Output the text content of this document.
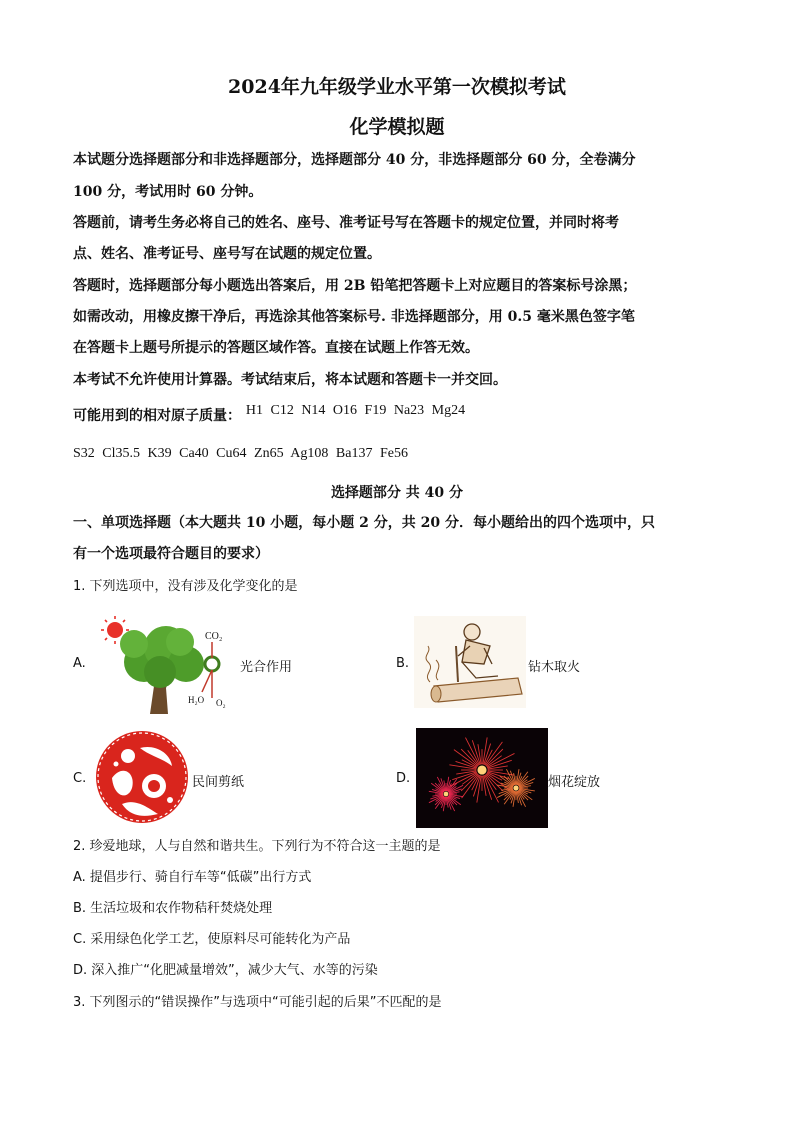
2024年九年级学业水平第一次模拟考试
化学模拟题
本试题分选择题部分和非选择题部分，选择题部分 40 分，非选择题部分 60 分，全卷满分
100 分，考试用时 60 分钟。
答题前，请考生务必将自己的姓名、座号、准考证号写在答题卡的规定位置，并同时将考
点、姓名、准考证号、座号写在试题的规定位置。
答题时，选择题部分每小题选出答案后，用 2B 铅笔把答题卡上对应题目的答案标号涂黑；
如需改动，用橡皮擦干净后，再选涂其他答案标号. 非选择题部分，用 0.5 毫米黑色签字笔
在答题卡上题号所提示的答题区域作答。直接在试题上作答无效。
本考试不允许使用计算器。考试结束后，将本试题和答题卡一并交回。
可能用到的相对原子质量： H1 C12 N14 O16 F19 Na23 Mg24
S32 Cl35.5 K39 Ca40 Cu64 Zn65 Ag108 Ba137 Fe56
选择题部分 共 40 分
一、单项选择题（本大题共 10 小题，每小题 2 分，共 20 分．每小题给出的四个选项中，只
有一个选项最符合题目的要求）
1. 下列选项中，没有涉及化学变化的是
A.
CO₂
H₂O O₂
光合作用	B.	钻木取火
C.	民间剪纸	D.	烟花绽放
2. 珍爱地球，人与自然和谐共生。下列行为不符合这一主题的是
A. 提倡步行、骑自行车等“低碳”出行方式
B. 生活垃圾和农作物秸秆焚烧处理
C. 采用绿色化学工艺，使原料尽可能转化为产品
D. 深入推广“化肥减量增效”，减少大气、水等的污染
3. 下列图示的“错误操作”与选项中“可能引起的后果”不匹配的是
